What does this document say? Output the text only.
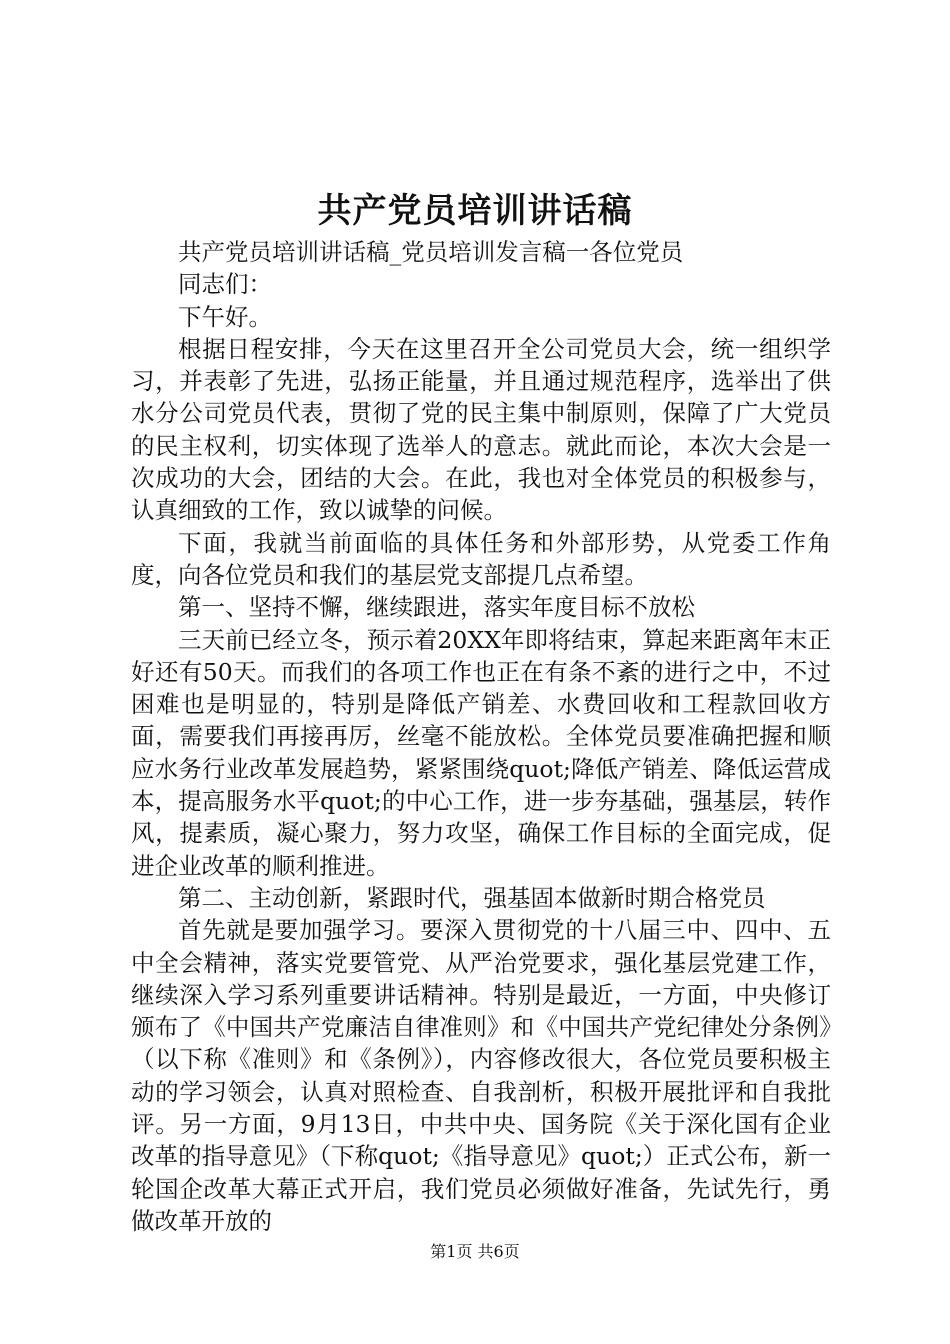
共产党员培训讲话稿

共产党员培训讲话稿_党员培训发言稿一各位党员

同志们：

下午好。

根据日程安排，今天在这里召开全公司党员大会，统一组织学习，并表彰了先进，弘扬正能量，并且通过规范程序，选举出了供水分公司党员代表，贯彻了党的民主集中制原则，保障了广大党员的民主权利，切实体现了选举人的意志。就此而论，本次大会是一次成功的大会，团结的大会。在此，我也对全体党员的积极参与，认真细致的工作，致以诚挚的问候。

下面，我就当前面临的具体任务和外部形势，从党委工作角度，向各位党员和我们的基层党支部提几点希望。

第一、坚持不懈，继续跟进，落实年度目标不放松

三天前已经立冬，预示着20XX年即将结束，算起来距离年末正好还有50天。而我们的各项工作也正在有条不紊的进行之中，不过困难也是明显的，特别是降低产销差、水费回收和工程款回收方面，需要我们再接再厉，丝毫不能放松。全体党员要准确把握和顺应水务行业改革发展趋势，紧紧围绕quot;降低产销差、降低运营成本，提高服务水平quot;的中心工作，进一步夯基础，强基层，转作风，提素质，凝心聚力，努力攻坚，确保工作目标的全面完成，促进企业改革的顺利推进。

第二、主动创新，紧跟时代，强基固本做新时期合格党员

首先就是要加强学习。要深入贯彻党的十八届三中、四中、五中全会精神，落实党要管党、从严治党要求，强化基层党建工作，继续深入学习系列重要讲话精神。特别是最近，一方面，中央修订颁布了《中国共产党廉洁自律准则》和《中国共产党纪律处分条例》（以下称《准则》和《条例》），内容修改很大，各位党员要积极主动的学习领会，认真对照检查、自我剖析，积极开展批评和自我批评。另一方面，9月13日，中共中央、国务院《关于深化国有企业改革的指导意见》（下称quot;《指导意见》quot;）正式公布，新一轮国企改革大幕正式开启，我们党员必须做好准备，先试先行，勇做改革开放的

第1页 共6页
